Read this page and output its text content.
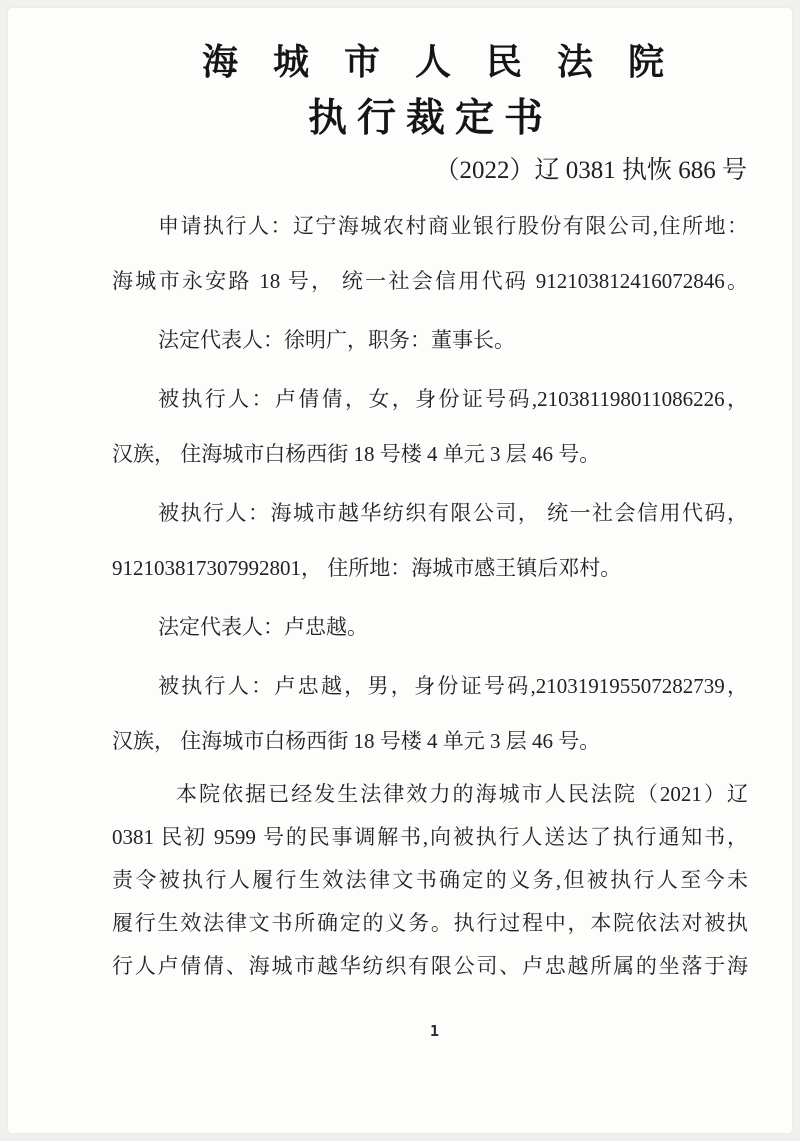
海城市人民法院
执行裁定书
（2022）辽 0381 执恢 686 号

申请执行人：辽宁海城农村商业银行股份有限公司,住所地：
海城市永安路 18 号， 统一社会信用代码 912103812416072846。

法定代表人：徐明广，职务：董事长。

被执行人：卢倩倩，女，身份证号码,210381198011086226，
汉族， 住海城市白杨西街 18 号楼 4 单元 3 层 46 号。

被执行人：海城市越华纺织有限公司， 统一社会信用代码，
912103817307992801， 住所地：海城市感王镇后邓村。

法定代表人：卢忠越。

被执行人：卢忠越，男，身份证号码,210319195507282739，
汉族， 住海城市白杨西街 18 号楼 4 单元 3 层 46 号。

本院依据已经发生法律效力的海城市人民法院（2021）辽
0381 民初 9599 号的民事调解书,向被执行人送达了执行通知书，
责令被执行人履行生效法律文书确定的义务,但被执行人至今未
履行生效法律文书所确定的义务。执行过程中，本院依法对被执
行人卢倩倩、海城市越华纺织有限公司、卢忠越所属的坐落于海

1
